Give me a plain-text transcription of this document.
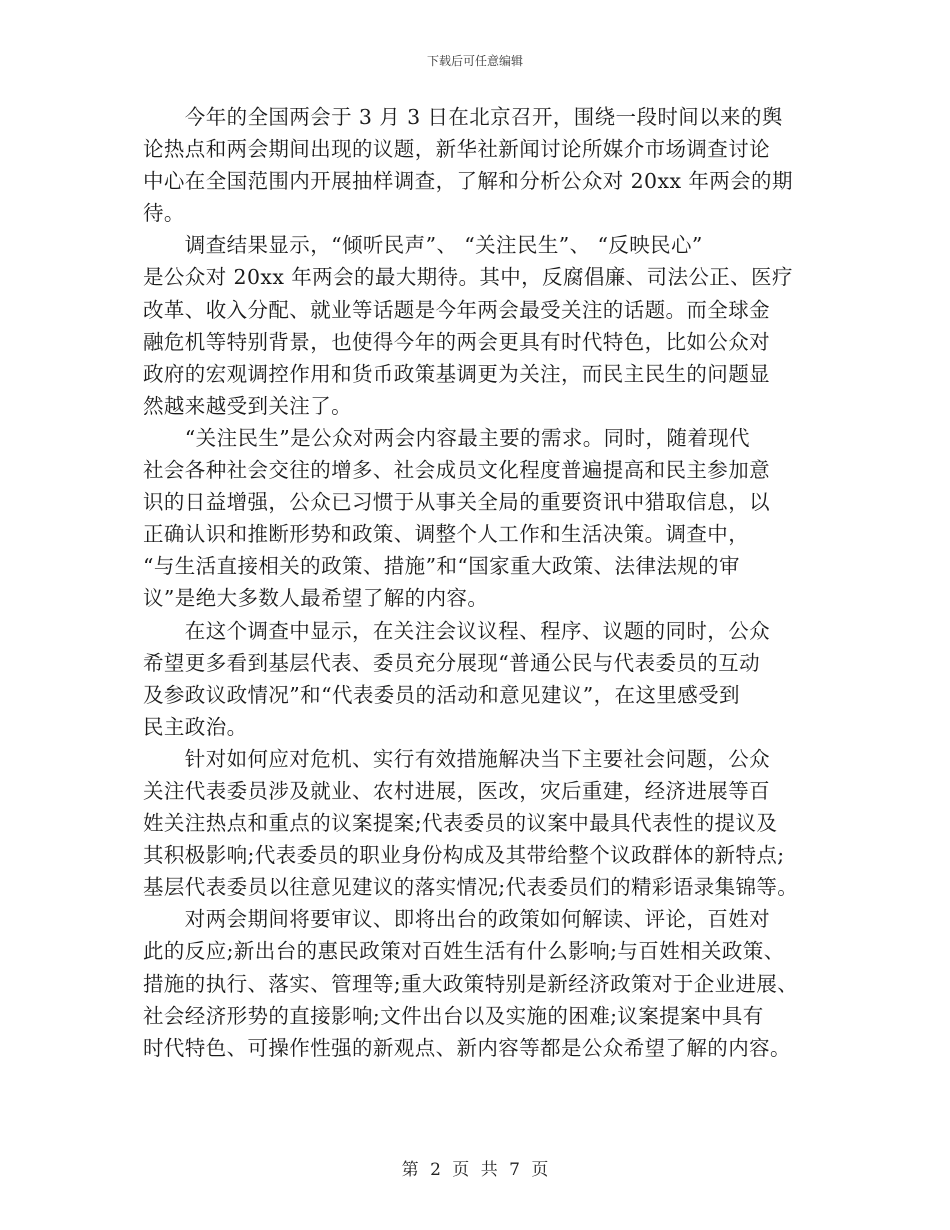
下载后可任意编辑
　　今年的全国两会于 3 月 3 日在北京召开，围绕一段时间以来的舆
论热点和两会期间出现的议题，新华社新闻讨论所媒介市场调查讨论
中心在全国范围内开展抽样调查，了解和分析公众对 20xx 年两会的期
待。
　　调查结果显示，“倾听民声”、 “关注民生”、 “反映民心”
是公众对 20xx 年两会的最大期待。其中，反腐倡廉、司法公正、医疗
改革、收入分配、就业等话题是今年两会最受关注的话题。而全球金
融危机等特别背景，也使得今年的两会更具有时代特色，比如公众对
政府的宏观调控作用和货币政策基调更为关注，而民主民生的问题显
然越来越受到关注了。
　　“关注民生”是公众对两会内容最主要的需求。同时，随着现代
社会各种社会交往的增多、社会成员文化程度普遍提高和民主参加意
识的日益增强，公众已习惯于从事关全局的重要资讯中猎取信息，以
正确认识和推断形势和政策、调整个人工作和生活决策。调查中，
“与生活直接相关的政策、措施”和“国家重大政策、法律法规的审
议”是绝大多数人最希望了解的内容。
　　在这个调查中显示，在关注会议议程、程序、议题的同时，公众
希望更多看到基层代表、委员充分展现“普通公民与代表委员的互动
及参政议政情况”和“代表委员的活动和意见建议”，在这里感受到
民主政治。
　　针对如何应对危机、实行有效措施解决当下主要社会问题，公众
关注代表委员涉及就业、农村进展，医改，灾后重建，经济进展等百
姓关注热点和重点的议案提案;代表委员的议案中最具代表性的提议及
其积极影响;代表委员的职业身份构成及其带给整个议政群体的新特点;
基层代表委员以往意见建议的落实情况;代表委员们的精彩语录集锦等。
　　对两会期间将要审议、即将出台的政策如何解读、评论，百姓对
此的反应;新出台的惠民政策对百姓生活有什么影响;与百姓相关政策、
措施的执行、落实、管理等;重大政策特别是新经济政策对于企业进展、
社会经济形势的直接影响;文件出台以及实施的困难;议案提案中具有
时代特色、可操作性强的新观点、新内容等都是公众希望了解的内容。
第 2 页 共 7 页
